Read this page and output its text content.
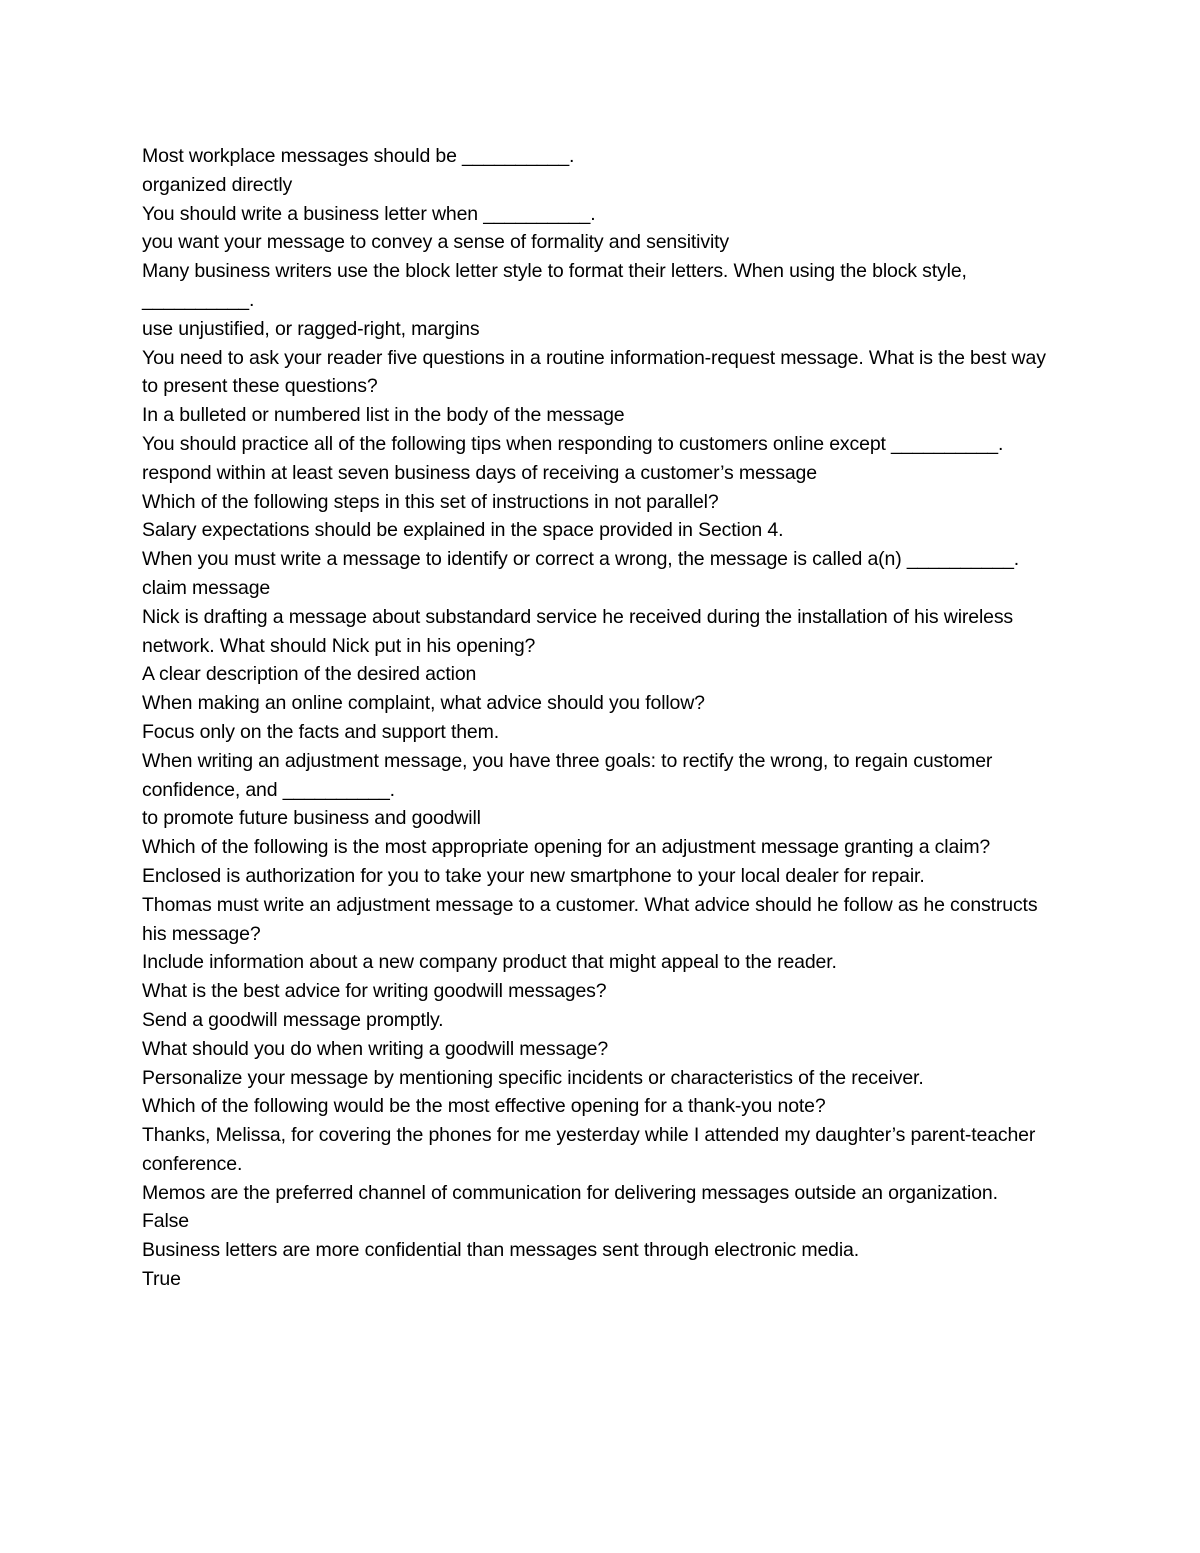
Most workplace messages should be __________.
organized directly
You should write a business letter when __________.
you want your message to convey a sense of formality and sensitivity
Many business writers use the block letter style to format their letters. When using the block style, __________.
use unjustified, or ragged-right, margins
You need to ask your reader five questions in a routine information-request message. What is the best way to present these questions?
In a bulleted or numbered list in the body of the message
You should practice all of the following tips when responding to customers online except __________.
respond within at least seven business days of receiving a customer’s message
Which of the following steps in this set of instructions in not parallel?
Salary expectations should be explained in the space provided in Section 4.
When you must write a message to identify or correct a wrong, the message is called a(n) __________.
claim message
Nick is drafting a message about substandard service he received during the installation of his wireless network. What should Nick put in his opening?
A clear description of the desired action
When making an online complaint, what advice should you follow?
Focus only on the facts and support them.
When writing an adjustment message, you have three goals: to rectify the wrong, to regain customer confidence, and __________.
to promote future business and goodwill
Which of the following is the most appropriate opening for an adjustment message granting a claim?
Enclosed is authorization for you to take your new smartphone to your local dealer for repair.
Thomas must write an adjustment message to a customer. What advice should he follow as he constructs his message?
Include information about a new company product that might appeal to the reader.
What is the best advice for writing goodwill messages?
Send a goodwill message promptly.
What should you do when writing a goodwill message?
Personalize your message by mentioning specific incidents or characteristics of the receiver.
Which of the following would be the most effective opening for a thank-you note?
Thanks, Melissa, for covering the phones for me yesterday while I attended my daughter’s parent-teacher conference.
Memos are the preferred channel of communication for delivering messages outside an organization.
False
Business letters are more confidential than messages sent through electronic media.
True
